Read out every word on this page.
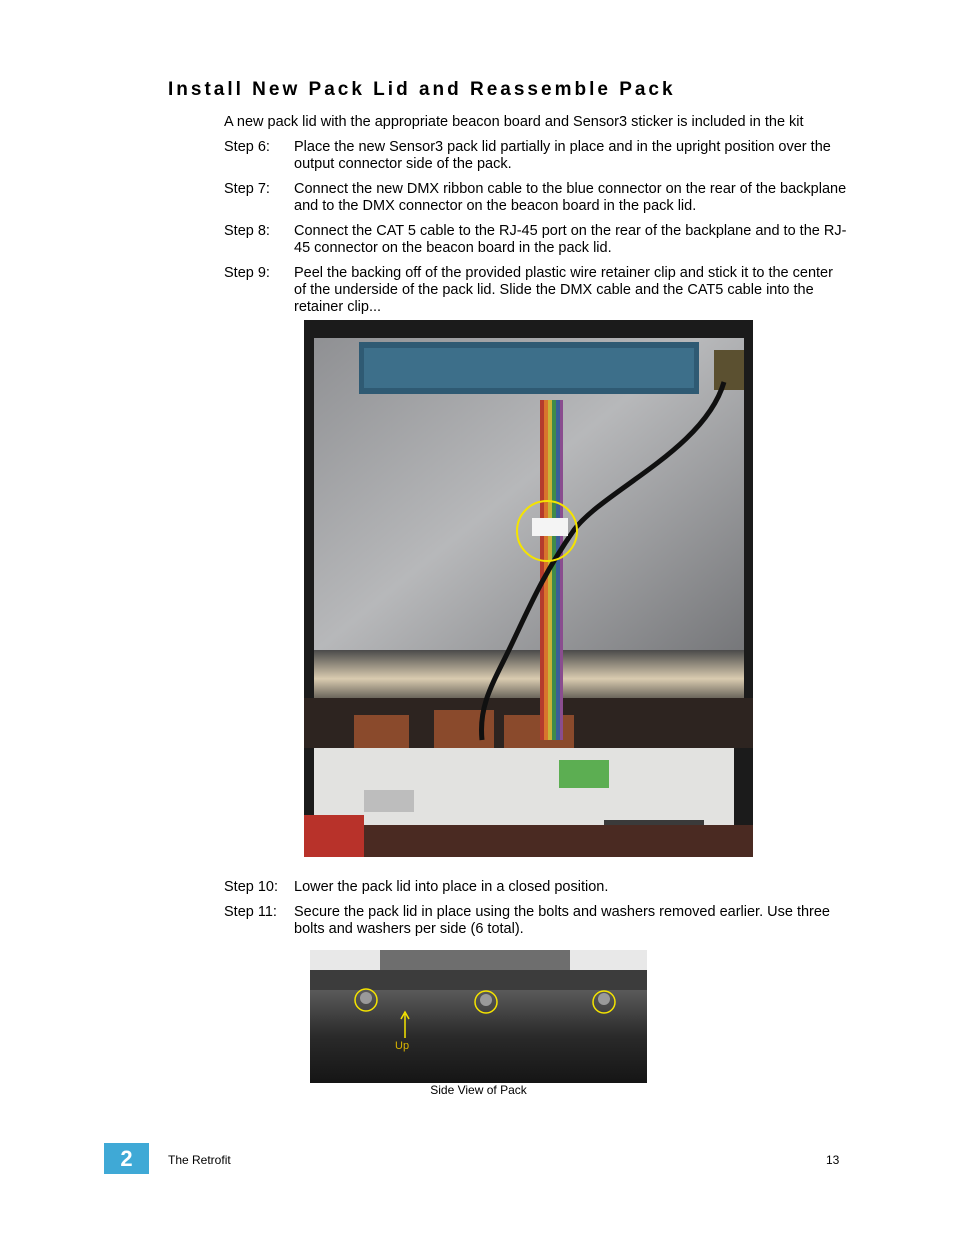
Install New Pack Lid and Reassemble Pack
A new pack lid with the appropriate beacon board and Sensor3 sticker is included in the kit
Step 6:	Place the new Sensor3 pack lid partially in place and in the upright position over the output connector side of the pack.
Step 7:	Connect the new DMX ribbon cable to the blue connector on the rear of the backplane and to the DMX connector on the beacon board in the pack lid.
Step 8:	Connect the CAT 5 cable to the RJ-45 port on the rear of the backplane and to the RJ-45 connector on the beacon board in the pack lid.
Step 9:	Peel the backing off of the provided plastic wire retainer clip and stick it to the center of the underside of the pack lid. Slide the DMX cable and the CAT5 cable into the retainer clip...
Step 10:	Lower the pack lid into place in a closed position.
Step 11:	Secure the pack lid in place using the bolts and washers removed earlier. Use three bolts and washers per side (6 total).
Up
Side View of Pack
2	The Retrofit	13
